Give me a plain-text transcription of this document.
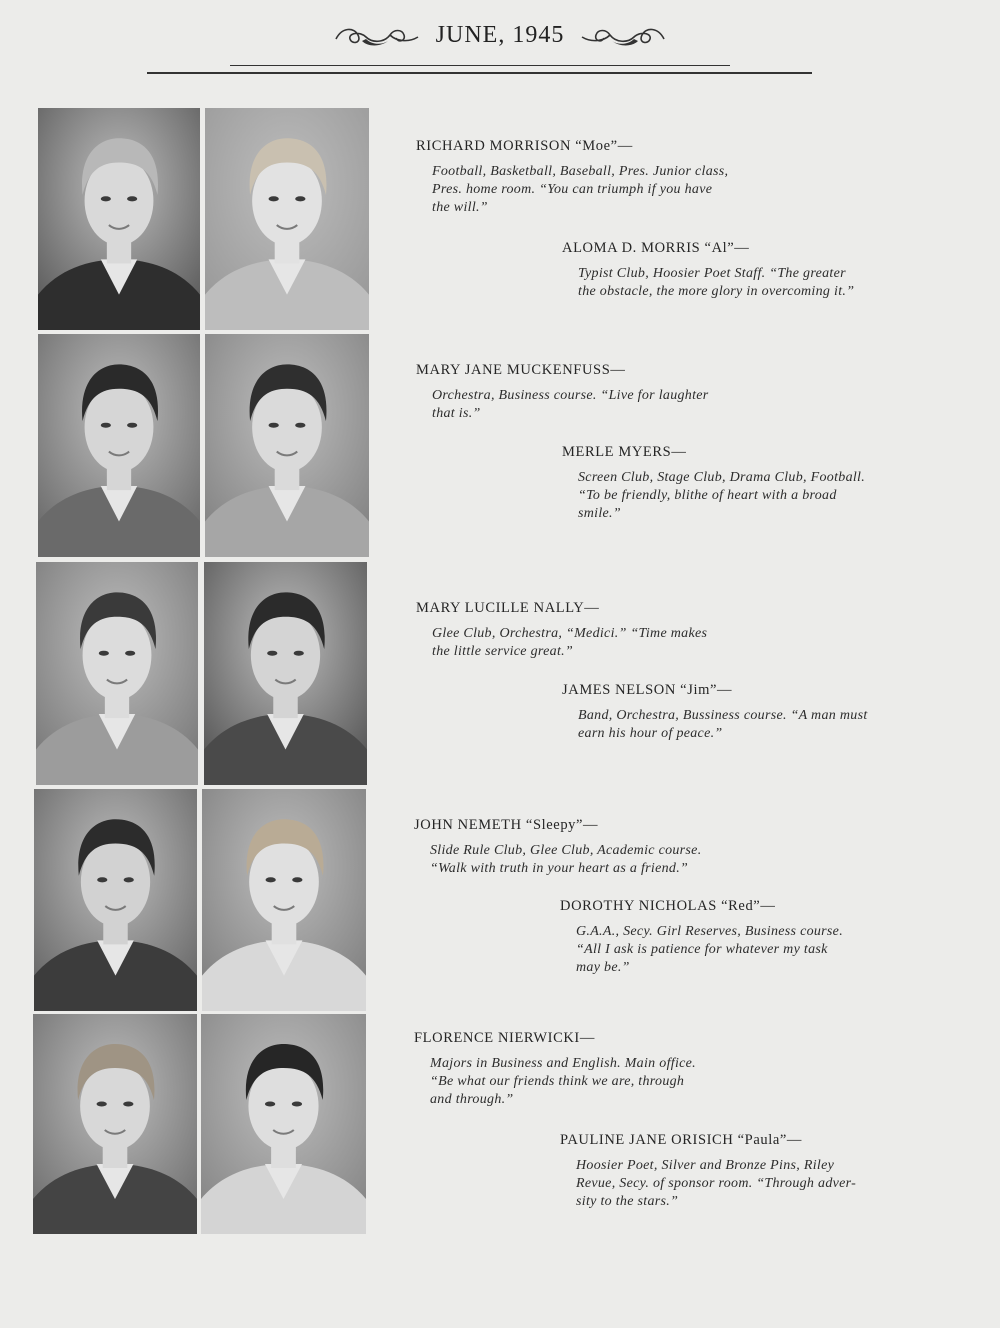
JUNE, 1945
RICHARD MORRISON “Moe”—
Football, Basketball, Baseball, Pres. Junior class,
Pres. home room. “You can triumph if you have
the will.”
ALOMA D. MORRIS “Al”—
Typist Club, Hoosier Poet Staff. “The greater
the obstacle, the more glory in overcoming it.”
MARY JANE MUCKENFUSS—
Orchestra, Business course. “Live for laughter
that is.”
MERLE MYERS—
Screen Club, Stage Club, Drama Club, Football.
“To be friendly, blithe of heart with a broad
smile.”
MARY LUCILLE NALLY—
Glee Club, Orchestra, “Medici.” “Time makes
the little service great.”
JAMES NELSON “Jim”—
Band, Orchestra, Bussiness course. “A man must
earn his hour of peace.”
JOHN NEMETH “Sleepy”—
Slide Rule Club, Glee Club, Academic course.
“Walk with truth in your heart as a friend.”
DOROTHY NICHOLAS “Red”—
G.A.A., Secy. Girl Reserves, Business course.
“All I ask is patience for whatever my task
may be.”
FLORENCE NIERWICKI—
Majors in Business and English. Main office.
“Be what our friends think we are, through
and through.”
PAULINE JANE ORISICH “Paula”—
Hoosier Poet, Silver and Bronze Pins, Riley
Revue, Secy. of sponsor room. “Through adver-
sity to the stars.”
